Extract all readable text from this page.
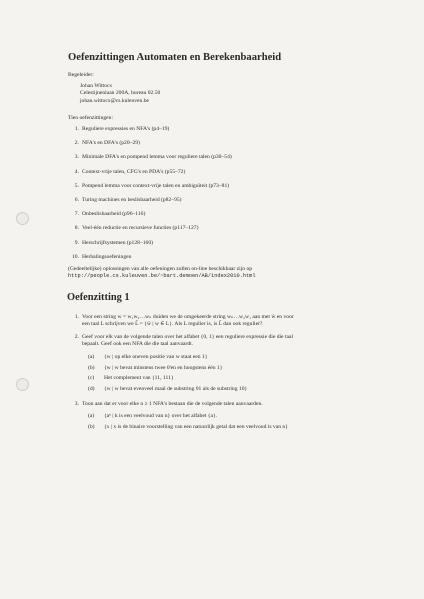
Oefenzittingen Automaten en Berekenbaarheid
Begeleider:
Johan Wittocx
Celestijnenlaan 200A, bureau 02.50
johan.wittocx@cs.kuleuven.be
Tien oefenzittingen:
1. Reguliere expressies en NFA's (p4–19)
2. NFA's en DFA's (p20–29)
3. Minimale DFA's en pompend lemma voor reguliere talen (p30–54)
4. Context-vrije talen, CFG's en PDA's (p55–72)
5. Pompend lemma voor context-vrije talen en ambiguïteit (p73–81)
6. Turing machines en beslisbaarheid (p82–95)
7. Onbeslisbaarheid (p96–116)
8. Veel-één reductie en recursieve functies (p117–127)
9. Herschrijfsystemen (p128–160)
10. Herhalingsoefeningen
(Gedeeltelijke) oplossingen van alle oefeningen zullen on-line beschikbaar zijn op
http://people.cs.kuleuven.be/~bart.demoen/AB/index2010.html
Oefenzitting 1
1. Voor een string w = w₁w₂…wₙ duiden we de omgekeerde string wₙ…w₂w₁ aan met ŵ en voor
een taal L schrijven we L̂ = {ŵ | w ∈ L}. Als L regulier is, is L̂ dan ook regulier?
2. Geef voor elk van de volgende talen over het alfabet {0, 1} een reguliere expressie die die taal
bepaalt. Geef ook een NFA die die taal aanvaardt.
(a) {w | op elke oneven positie van w staat een 1}
(b) {w | w bevat minstens twee 0'en en hoogstens één 1}
(c) Het complement van {11, 111}
(d) {w | w bevat evenveel maal de substring 01 als de substring 10}
3. Toon aan dat er voor elke n ≥ 1 NFA's bestaan die de volgende talen aanvaarden.
(a) {aᵏ | k is een veelvoud van n} over het alfabet {a}.
(b) {x | x is de binaire voorstelling van een natuurlijk getal dat een veelvoud is van n}
